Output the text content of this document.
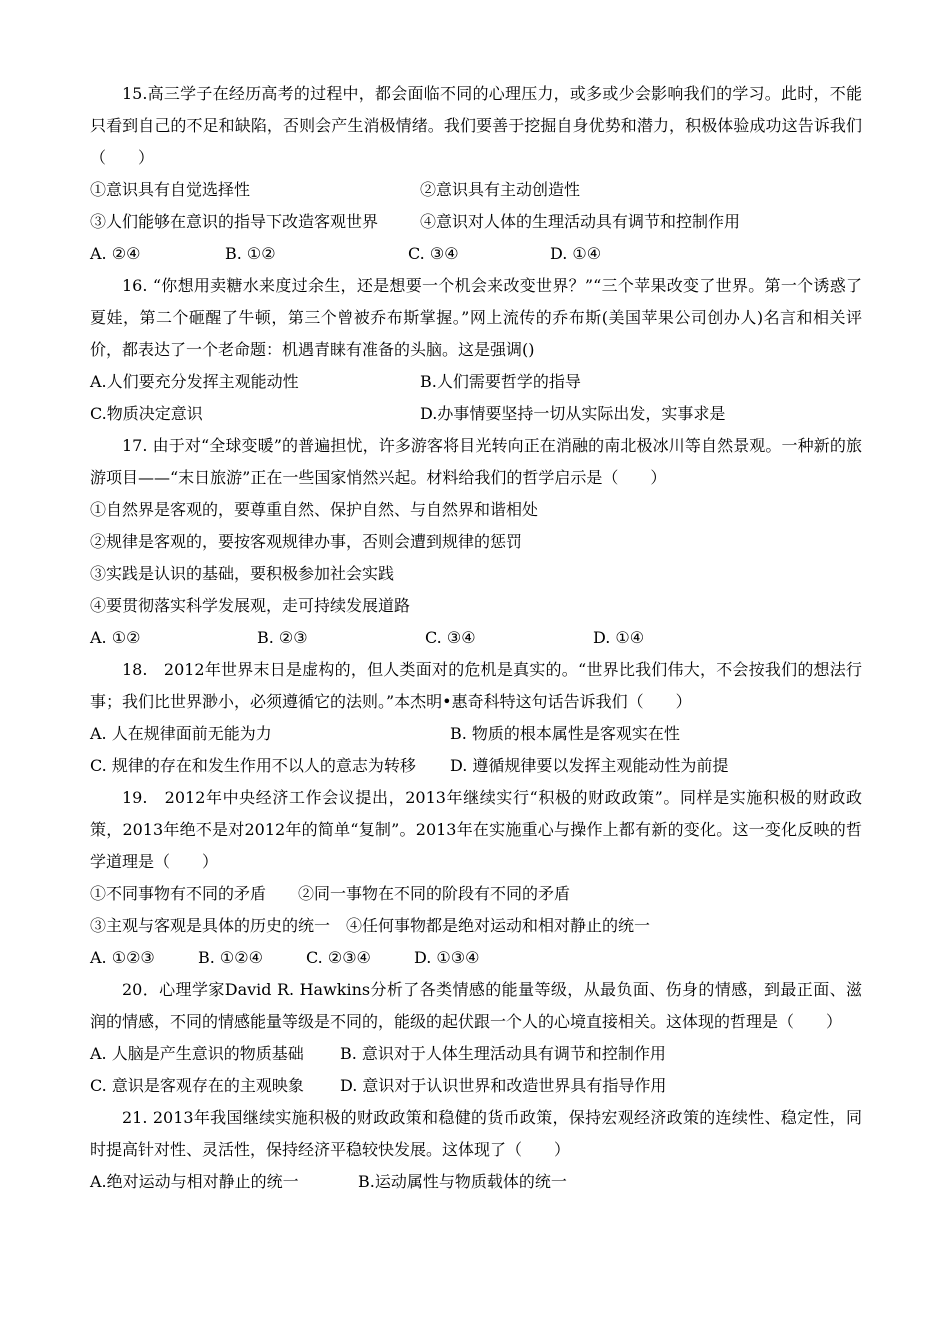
15.高三学子在经历高考的过程中，都会面临不同的心理压力，或多或少会影响我们的学习。此时，不能只看到自己的不足和缺陷，否则会产生消极情绪。我们要善于挖掘自身优势和潜力，积极体验成功这告诉我们（　　）

①意识具有自觉选择性	②意识具有主动创造性
③人们能够在意识的指导下改造客观世界	④意识对人体的生理活动具有调节和控制作用
A. ②④	B. ①②	C. ③④	D. ①④

16. “你想用卖糖水来度过余生，还是想要一个机会来改变世界？”“三个苹果改变了世界。第一个诱惑了夏娃，第二个砸醒了牛顿，第三个曾被乔布斯掌握。”网上流传的乔布斯(美国苹果公司创办人)名言和相关评价，都表达了一个老命题：机遇青睐有准备的头脑。这是强调()

A.人们要充分发挥主观能动性	B.人们需要哲学的指导
C.物质决定意识	D.办事情要坚持一切从实际出发，实事求是

17. 由于对“全球变暖”的普遍担忧，许多游客将目光转向正在消融的南北极冰川等自然景观。一种新的旅游项目——“末日旅游”正在一些国家悄然兴起。材料给我们的哲学启示是（　　）

①自然界是客观的，要尊重自然、保护自然、与自然界和谐相处

②规律是客观的，要按客观规律办事，否则会遭到规律的惩罚

③实践是认识的基础，要积极参加社会实践

④要贯彻落实科学发展观，走可持续发展道路

A. ①②	B. ②③	C. ③④	D. ①④

18.　2012年世界末日是虚构的，但人类面对的危机是真实的。“世界比我们伟大，不会按我们的想法行事；我们比世界渺小，必须遵循它的法则。”本杰明•惠奇科特这句话告诉我们（　　）

A. 人在规律面前无能为力	B. 物质的根本属性是客观实在性
C. 规律的存在和发生作用不以人的意志为转移	D. 遵循规律要以发挥主观能动性为前提

19.　2012年中央经济工作会议提出，2013年继续实行“积极的财政政策”。同样是实施积极的财政政策，2013年绝不是对2012年的简单“复制”。2013年在实施重心与操作上都有新的变化。这一变化反映的哲学道理是（　　）

①不同事物有不同的矛盾　　②同一事物在不同的阶段有不同的矛盾

③主观与客观是具体的历史的统一　④任何事物都是绝对运动和相对静止的统一

A. ①②③	B. ①②④	C. ②③④	D. ①③④

20．心理学家David R. Hawkins分析了各类情感的能量等级，从最负面、伤身的情感，到最正面、滋润的情感，不同的情感能量等级是不同的，能级的起伏跟一个人的心境直接相关。这体现的哲理是（　　）

A. 人脑是产生意识的物质基础	B. 意识对于人体生理活动具有调节和控制作用
C. 意识是客观存在的主观映象	D. 意识对于认识世界和改造世界具有指导作用

21. 2013年我国继续实施积极的财政政策和稳健的货币政策，保持宏观经济政策的连续性、稳定性，同时提高针对性、灵活性，保持经济平稳较快发展。这体现了（　　）

A.绝对运动与相对静止的统一	B.运动属性与物质载体的统一
